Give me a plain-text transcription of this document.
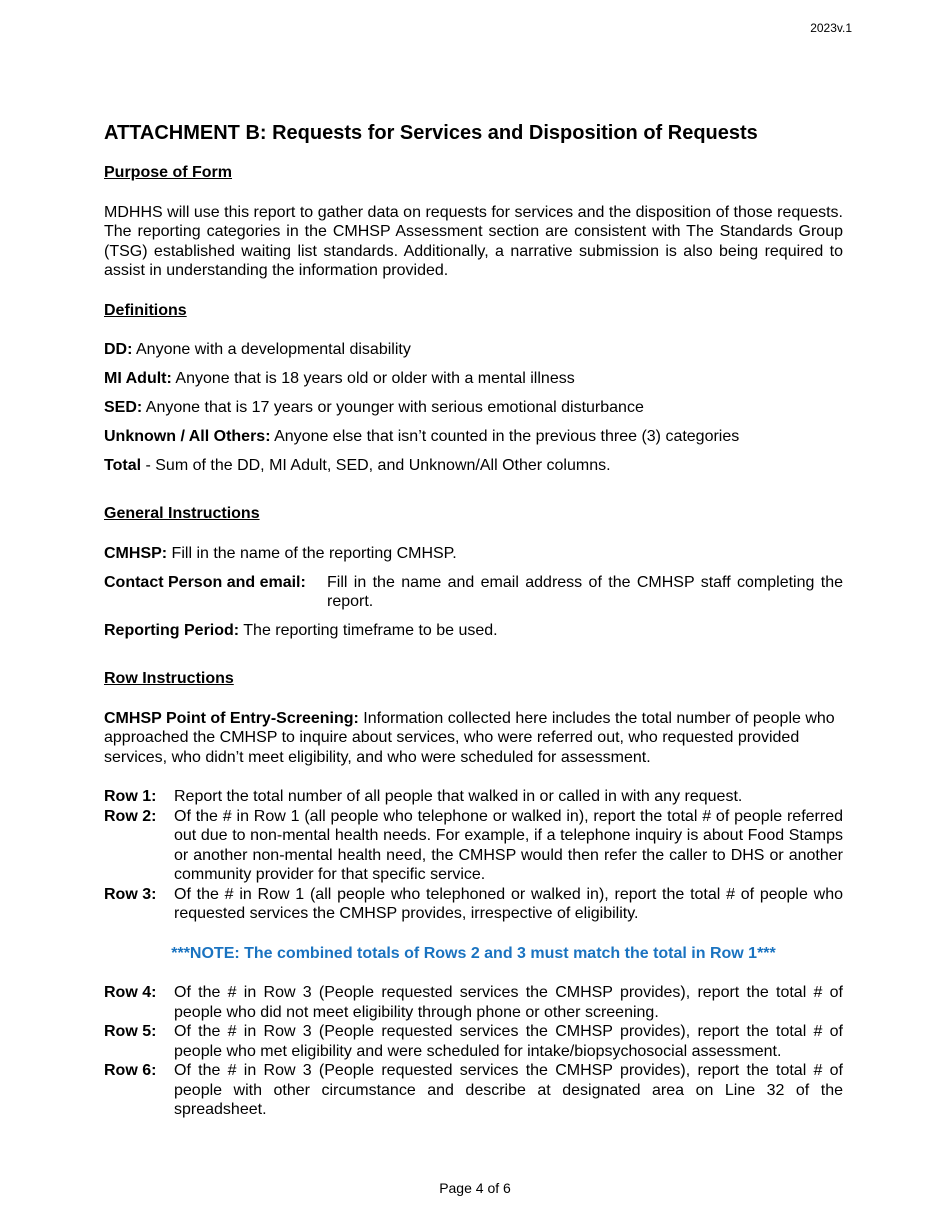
2023v.1
ATTACHMENT B: Requests for Services and Disposition of Requests
Purpose of Form
MDHHS will use this report to gather data on requests for services and the disposition of those requests. The reporting categories in the CMHSP Assessment section are consistent with The Standards Group (TSG) established waiting list standards. Additionally, a narrative submission is also being required to assist in understanding the information provided.
Definitions
DD: Anyone with a developmental disability
MI Adult: Anyone that is 18 years old or older with a mental illness
SED: Anyone that is 17 years or younger with serious emotional disturbance
Unknown / All Others: Anyone else that isn’t counted in the previous three (3) categories
Total - Sum of the DD, MI Adult, SED, and Unknown/All Other columns.
General Instructions
CMHSP: Fill in the name of the reporting CMHSP.
Contact Person and email:	Fill in the name and email address of the CMHSP staff completing the report.
Reporting Period: The reporting timeframe to be used.
Row Instructions
CMHSP Point of Entry-Screening: Information collected here includes the total number of people who approached the CMHSP to inquire about services, who were referred out, who requested provided services, who didn’t meet eligibility, and who were scheduled for assessment.
Row 1:	Report the total number of all people that walked in or called in with any request.
Row 2:	Of the # in Row 1 (all people who telephone or walked in), report the total # of people referred out due to non-mental health needs. For example, if a telephone inquiry is about Food Stamps or another non-mental health need, the CMHSP would then refer the caller to DHS or another community provider for that specific service.
Row 3:	Of the # in Row 1 (all people who telephoned or walked in), report the total # of people who requested services the CMHSP provides, irrespective of eligibility.
***NOTE: The combined totals of Rows 2 and 3 must match the total in Row 1***
Row 4:	Of the # in Row 3 (People requested services the CMHSP provides), report the total # of people who did not meet eligibility through phone or other screening.
Row 5:	Of the # in Row 3 (People requested services the CMHSP provides), report the total # of people who met eligibility and were scheduled for intake/biopsychosocial assessment.
Row 6:	Of the # in Row 3 (People requested services the CMHSP provides), report the total # of people with other circumstance and describe at designated area on Line 32 of the spreadsheet.
Page 4 of 6
